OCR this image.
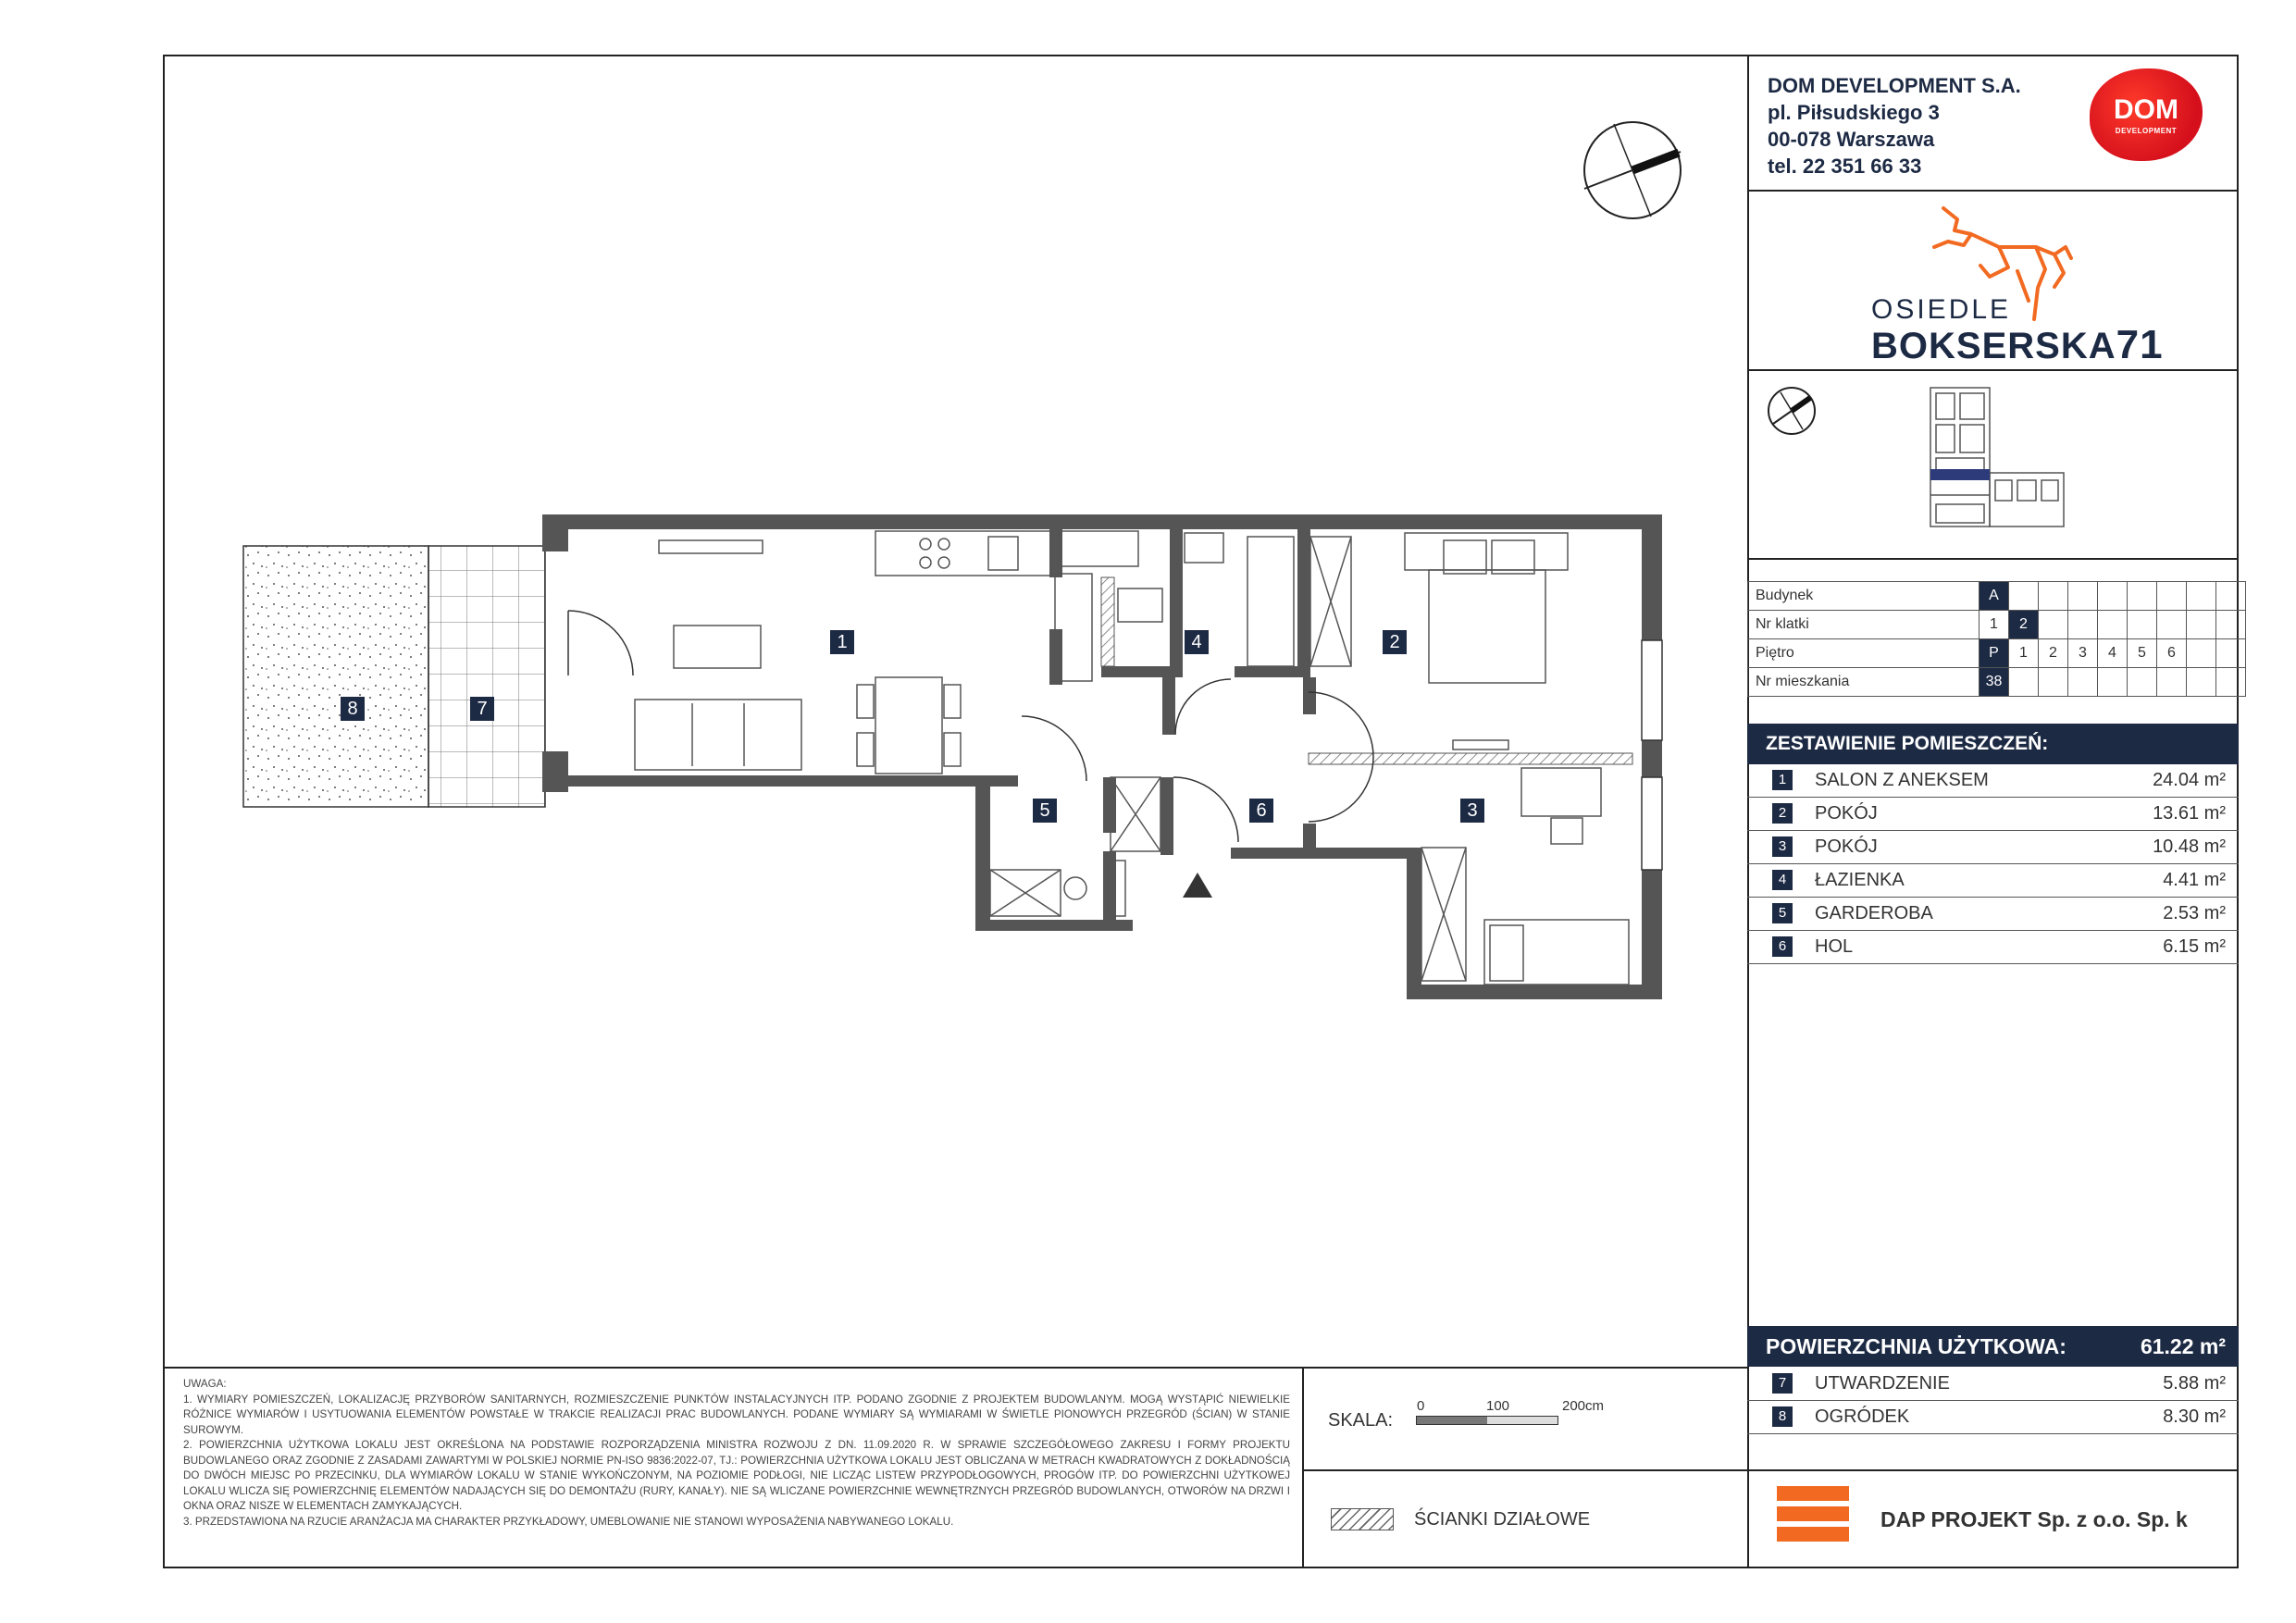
DOM DEVELOPMENT S.A.
pl. Piłsudskiego 3
00-078 Warszawa
tel. 22 351 66 33
DOM
DEVELOPMENT
OSIEDLE
BOKSERSKA71
Budynek	A								
Nr klatki	1	2							
Piętro	P	1	2	3	4	5	6		
Nr mieszkania	38								
ZESTAWIENIE POMIESZCZEŃ:
1	SALON Z ANEKSEM	24.04 m²
2	POKÓJ	13.61 m²
3	POKÓJ	10.48 m²
4	ŁAZIENKA	4.41 m²
5	GARDEROBA	2.53 m²
6	HOL	6.15 m²
POWIERZCHNIA UŻYTKOWA:	61.22 m²
7	UTWARDZENIE	5.88 m²
8	OGRÓDEK	8.30 m²
UWAGA:
1. WYMIARY POMIESZCZEŃ, LOKALIZACJĘ PRZYBORÓW SANITARNYCH, ROZMIESZCZENIE PUNKTÓW INSTALACYJNYCH ITP. PODANO ZGODNIE Z PROJEKTEM BUDOWLANYM. MOGĄ WYSTĄPIĆ NIEWIELKIE RÓŻNICE WYMIARÓW I USYTUOWANIA ELEMENTÓW POWSTAŁE W TRAKCIE REALIZACJI PRAC BUDOWLANYCH. PODANE WYMIARY SĄ WYMIARAMI W ŚWIETLE PIONOWYCH PRZEGRÓD (ŚCIAN) W STANIE SUROWYM.
2. POWIERZCHNIA UŻYTKOWA LOKALU JEST OKREŚLONA NA PODSTAWIE ROZPORZĄDZENIA MINISTRA ROZWOJU Z DN. 11.09.2020 R. W SPRAWIE SZCZEGÓŁOWEGO ZAKRESU I FORMY PROJEKTU BUDOWLANEGO ORAZ ZGODNIE Z ZASADAMI ZAWARTYMI W POLSKIEJ NORMIE PN-ISO 9836:2022-07, TJ.: POWIERZCHNIA UŻYTKOWA LOKALU JEST OBLICZANA W METRACH KWADRATOWYCH Z DOKŁADNOŚCIĄ DO DWÓCH MIEJSC PO PRZECINKU, DLA WYMIARÓW LOKALU W STANIE WYKOŃCZONYM, NA POZIOMIE PODŁOGI, NIE LICZĄC LISTEW PRZYPODŁOGOWYCH, PROGÓW ITP. DO POWIERZCHNI UŻYTKOWEJ LOKALU WLICZA SIĘ POWIERZCHNIĘ ELEMENTÓW NADAJĄCYCH SIĘ DO DEMONTAŻU (RURY, KANAŁY). NIE SĄ WLICZANE POWIERZCHNIE WEWNĘTRZNYCH PRZEGRÓD BUDOWLANYCH, OTWORÓW NA DRZWI I OKNA ORAZ NISZE W ELEMENTACH ZAMYKAJĄCYCH.
3. PRZEDSTAWIONA NA RZUCIE ARANŻACJA MA CHARAKTER PRZYKŁADOWY, UMEBLOWANIE NIE STANOWI WYPOSAŻENIA NABYWANEGO LOKALU.
SKALA:
0	100	200cm
ŚCIANKI DZIAŁOWE	DAP PROJEKT Sp. z o.o. Sp. k
1	2
3
4
5	6
7
8
